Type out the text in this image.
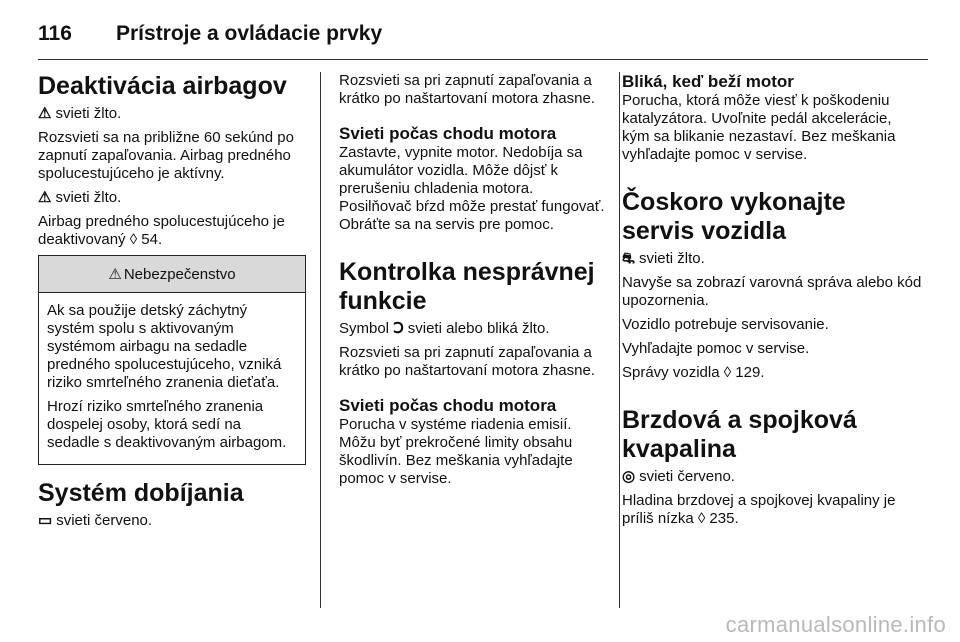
116	Prístroje a ovládacie prvky
Deaktivácia airbagov

⚠ svieti žlto.

Rozsvieti sa na približne 60 sekúnd po zapnutí zapaľovania. Airbag predného spolucestujúceho je aktívny.

⚠ svieti žlto.

Airbag predného spolucestujúceho je deaktivovaný ◊ 54.

⚠ Nebezpečenstvo

Ak sa použije detský záchytný systém spolu s aktivovaným systémom airbagu na sedadle predného spolucestujúceho, vzniká riziko smrteľného zranenia dieťaťa.

Hrozí riziko smrteľného zranenia dospelej osoby, ktorá sedí na sedadle s deaktivovaným airbagom.

Systém dobíjania

▭ svieti červeno.

Rozsvieti sa pri zapnutí zapaľovania a krátko po naštartovaní motora zhasne.

Svieti počas chodu motora

Zastavte, vypnite motor. Nedobíja sa akumulátor vozidla. Môže dôjsť k prerušeniu chladenia motora. Posilňovač bŕzd môže prestať fungovať. Obráťte sa na servis pre pomoc.

Kontrolka nesprávnej funkcie

Symbol Ↄ svieti alebo bliká žlto.

Rozsvieti sa pri zapnutí zapaľovania a krátko po naštartovaní motora zhasne.

Svieti počas chodu motora

Porucha v systéme riadenia emisií. Môžu byť prekročené limity obsahu škodlivín. Bez meškania vyhľadajte pomoc v servise.

Bliká, keď beží motor

Porucha, ktorá môže viesť k poškodeniu katalyzátora. Uvoľnite pedál akcelerácie, kým sa blikanie nezastaví. Bez meškania vyhľadajte pomoc v servise.

Čoskoro vykonajte servis vozidla

⛐ svieti žlto.

Navyše sa zobrazí varovná správa alebo kód upozornenia.

Vozidlo potrebuje servisovanie.

Vyhľadajte pomoc v servise.

Správy vozidla ◊ 129.

Brzdová a spojková kvapalina

◎ svieti červeno.

Hladina brzdovej a spojkovej kvapaliny je príliš nízka ◊ 235.

carmanualsonline.info
